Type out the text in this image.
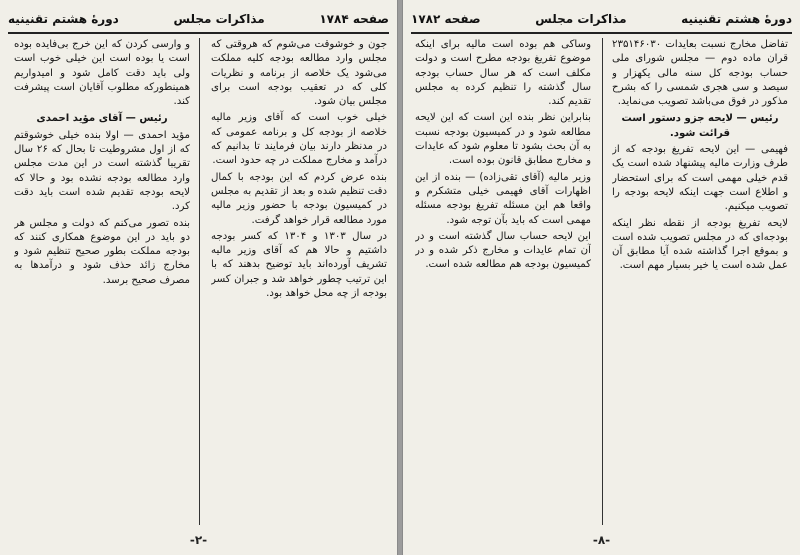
صفحه ۱۷۸۴
مذاکرات مجلس
دورهٔ هشتم تقنینیه

جون و خوشوقت می‌شوم که هروقتی که مجلس وارد مطالعه بودجه کلیه مملکت می‌شود یک خلاصه از برنامه و نظریات کلی که در تعقیب بودجه است برای مجلس بیان شود.

خیلی خوب است که آقای وزیر مالیه خلاصه از بودجه کل و برنامه عمومی که در مدنظر دارند بیان فرمایند تا بدانیم که درآمد و مخارج مملکت در چه حدود است.

بنده عرض کردم که این بودجه با کمال دقت تنظیم شده و بعد از تقدیم به مجلس در کمیسیون بودجه با حضور وزیر مالیه مورد مطالعه قرار خواهد گرفت.

در سال ۱۳۰۳ و ۱۳۰۴ که کسر بودجه داشتیم و حالا هم که آقای وزیر مالیه تشریف آورده‌اند باید توضیح بدهند که با این ترتیب چطور خواهد شد و جبران کسر بودجه از چه محل خواهد بود.

و وارسی کردن که این خرج بی‌فایده بوده است یا بوده است این خیلی خوب است ولی باید دقت کامل شود و امیدواریم همینطورکه مطلوب آقایان است پیشرفت کند.

رئیس — آقای مؤید احمدی

مؤید احمدی — اولا بنده خیلی خوشوقتم که از اول مشروطیت تا بحال که ۲۶ سال تقریبا گذشته است در این مدت مجلس وارد مطالعه بودجه نشده بود و حالا که لایحه بودجه تقدیم شده است باید دقت کرد.

بنده تصور می‌کنم که دولت و مجلس هر دو باید در این موضوع همکاری کنند که بودجه مملکت بطور صحیح تنظیم شود و مخارج زائد حذف شود و درآمدها به مصرف صحیح برسد.

-۲-
دورهٔ هشتم تقنینیه
مذاکرات مجلس
صفحه ۱۷۸۲

تفاضل مخارج نسبت بعایدات ۲۳۵۱۴۶۰۳۰ قران ماده دوم — مجلس شورای ملی حساب بودجه کل سنه مالی یکهزار و سیصد و سی هجری شمسی را که بشرح مذکور در فوق می‌باشد تصویب می‌نماید.

رئیس — لایحه جزو دستور است قرائت شود.

فهیمی — این لایحه تفریغ بودجه که از طرف وزارت مالیه پیشنهاد شده است یک قدم خیلی مهمی است که برای استحضار و اطلاع است جهت اینکه لایحه بودجه را تصویب میکنیم.

لایحه تفریغ بودجه از نقطه نظر اینکه بودجه‌ای که در مجلس تصویب شده است و بموقع اجرا گذاشته شده آیا مطابق آن عمل شده است یا خیر بسیار مهم است.

وساکی هم بوده است مالیه برای اینکه موضوع تفریغ بودجه مطرح است و دولت مکلف است که هر سال حساب بودجه سال گذشته را تنظیم کرده به مجلس تقدیم کند.

بنابراین نظر بنده این است که این لایحه مطالعه شود و در کمیسیون بودجه نسبت به آن بحث بشود تا معلوم شود که عایدات و مخارج مطابق قانون بوده است.

وزیر مالیه (آقای تقی‌زاده) — بنده از این اظهارات آقای فهیمی خیلی متشکرم و واقعا هم این مسئله تفریغ بودجه مسئله مهمی است که باید بآن توجه شود.

این لایحه حساب سال گذشته است و در آن تمام عایدات و مخارج ذکر شده و در کمیسیون بودجه هم مطالعه شده است.

-۸-
